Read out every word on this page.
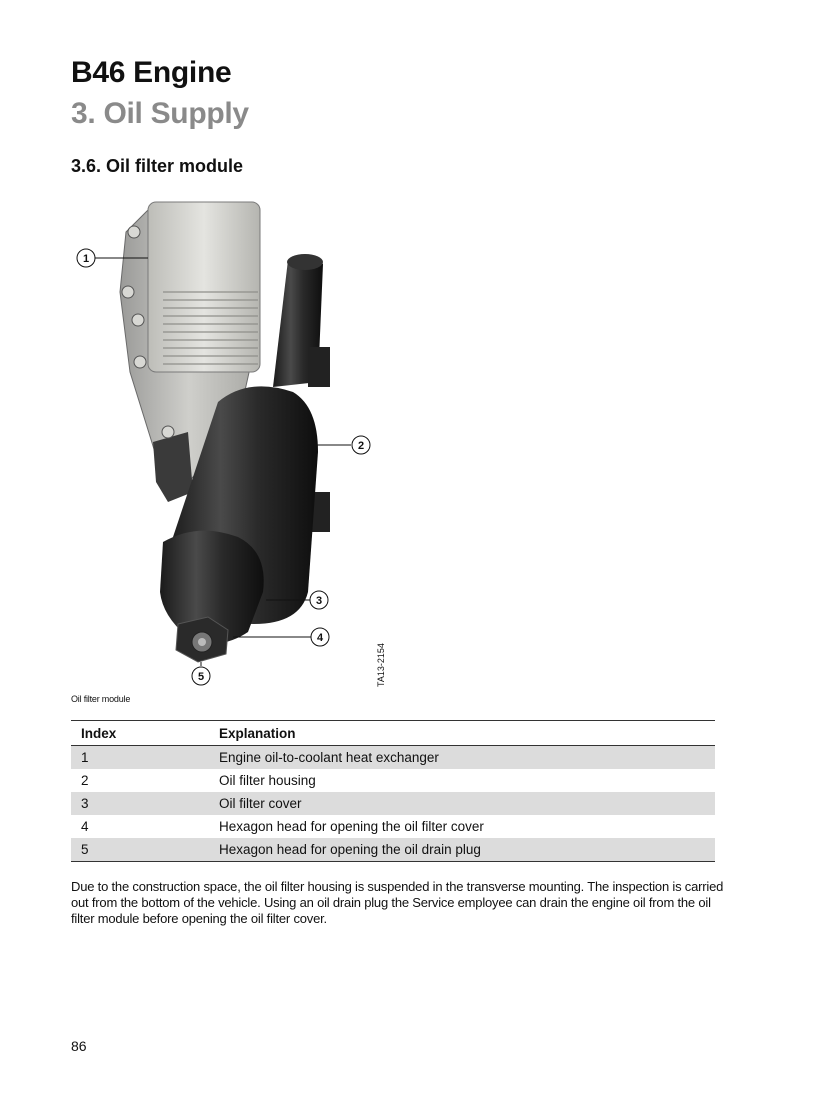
B46 Engine
3. Oil Supply
3.6. Oil filter module
1
2
3
4
5	TA13-2154
Oil filter module
Index	Explanation
1	Engine oil-to-coolant heat exchanger
2	Oil filter housing
3	Oil filter cover
4	Hexagon head for opening the oil filter cover
5	Hexagon head for opening the oil drain plug

Due to the construction space, the oil filter housing is suspended in the transverse mounting. The inspection is carried out from the bottom of the vehicle. Using an oil drain plug the Service employee can drain the engine oil from the oil filter module before opening the oil filter cover.

86
